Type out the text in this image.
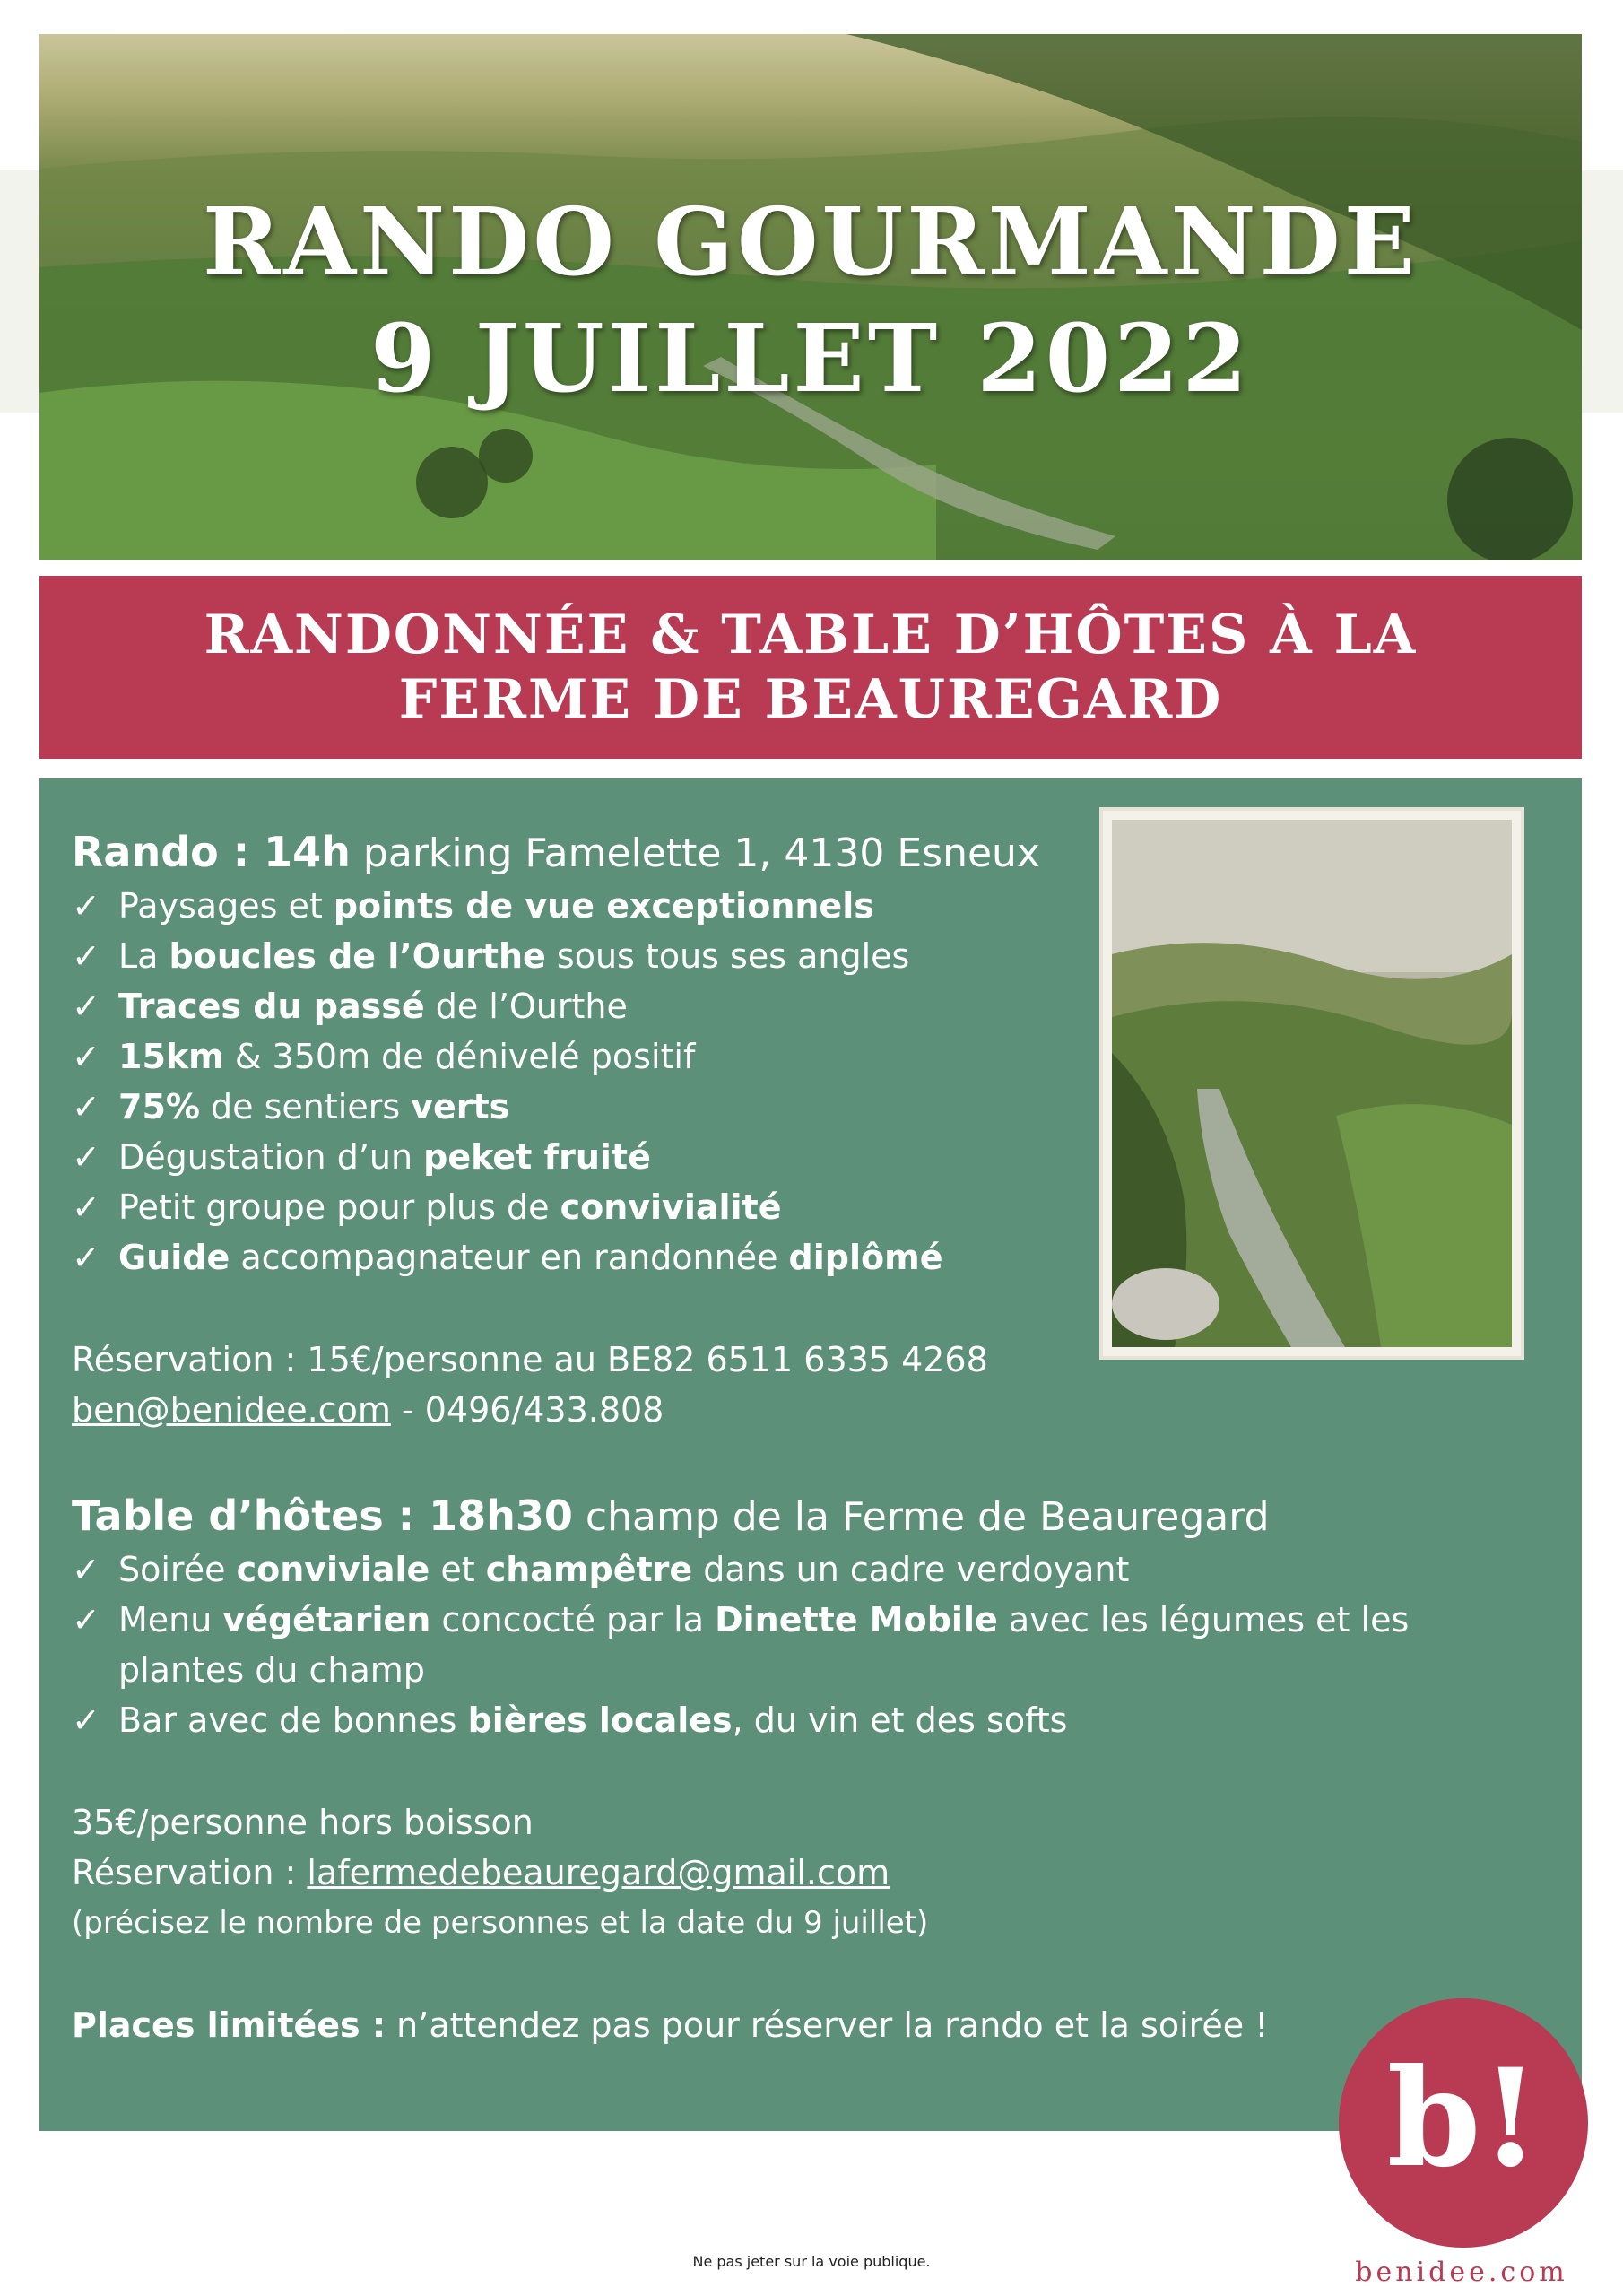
RANDO GOURMANDE
9 JUILLET 2022
RANDONNÉE & TABLE D’HÔTES À LA FERME DE BEAUREGARD
Rando : 14h parking Famelette 1, 4130 Esneux
✓ Paysages et points de vue exceptionnels
✓ La boucles de l’Ourthe sous tous ses angles
✓ Traces du passé de l’Ourthe
✓ 15km & 350m de dénivelé positif
✓ 75% de sentiers verts
✓ Dégustation d’un peket fruité
✓ Petit groupe pour plus de convivialité
✓ Guide accompagnateur en randonnée diplômé
Réservation : 15€/personne au BE82 6511 6335 4268
ben@benidee.com - 0496/433.808
Table d’hôtes : 18h30 champ de la Ferme de Beauregard
✓ Soirée conviviale et champêtre dans un cadre verdoyant
✓ Menu végétarien concocté par la Dinette Mobile avec les légumes et les
plantes du champ
✓ Bar avec de bonnes bières locales, du vin et des softs
35€/personne hors boisson
Réservation : lafermedebeauregard@gmail.com
(précisez le nombre de personnes et la date du 9 juillet)
Places limitées : n’attendez pas pour réserver la rando et la soirée !
b!
benidee.com
Ne pas jeter sur la voie publique.
